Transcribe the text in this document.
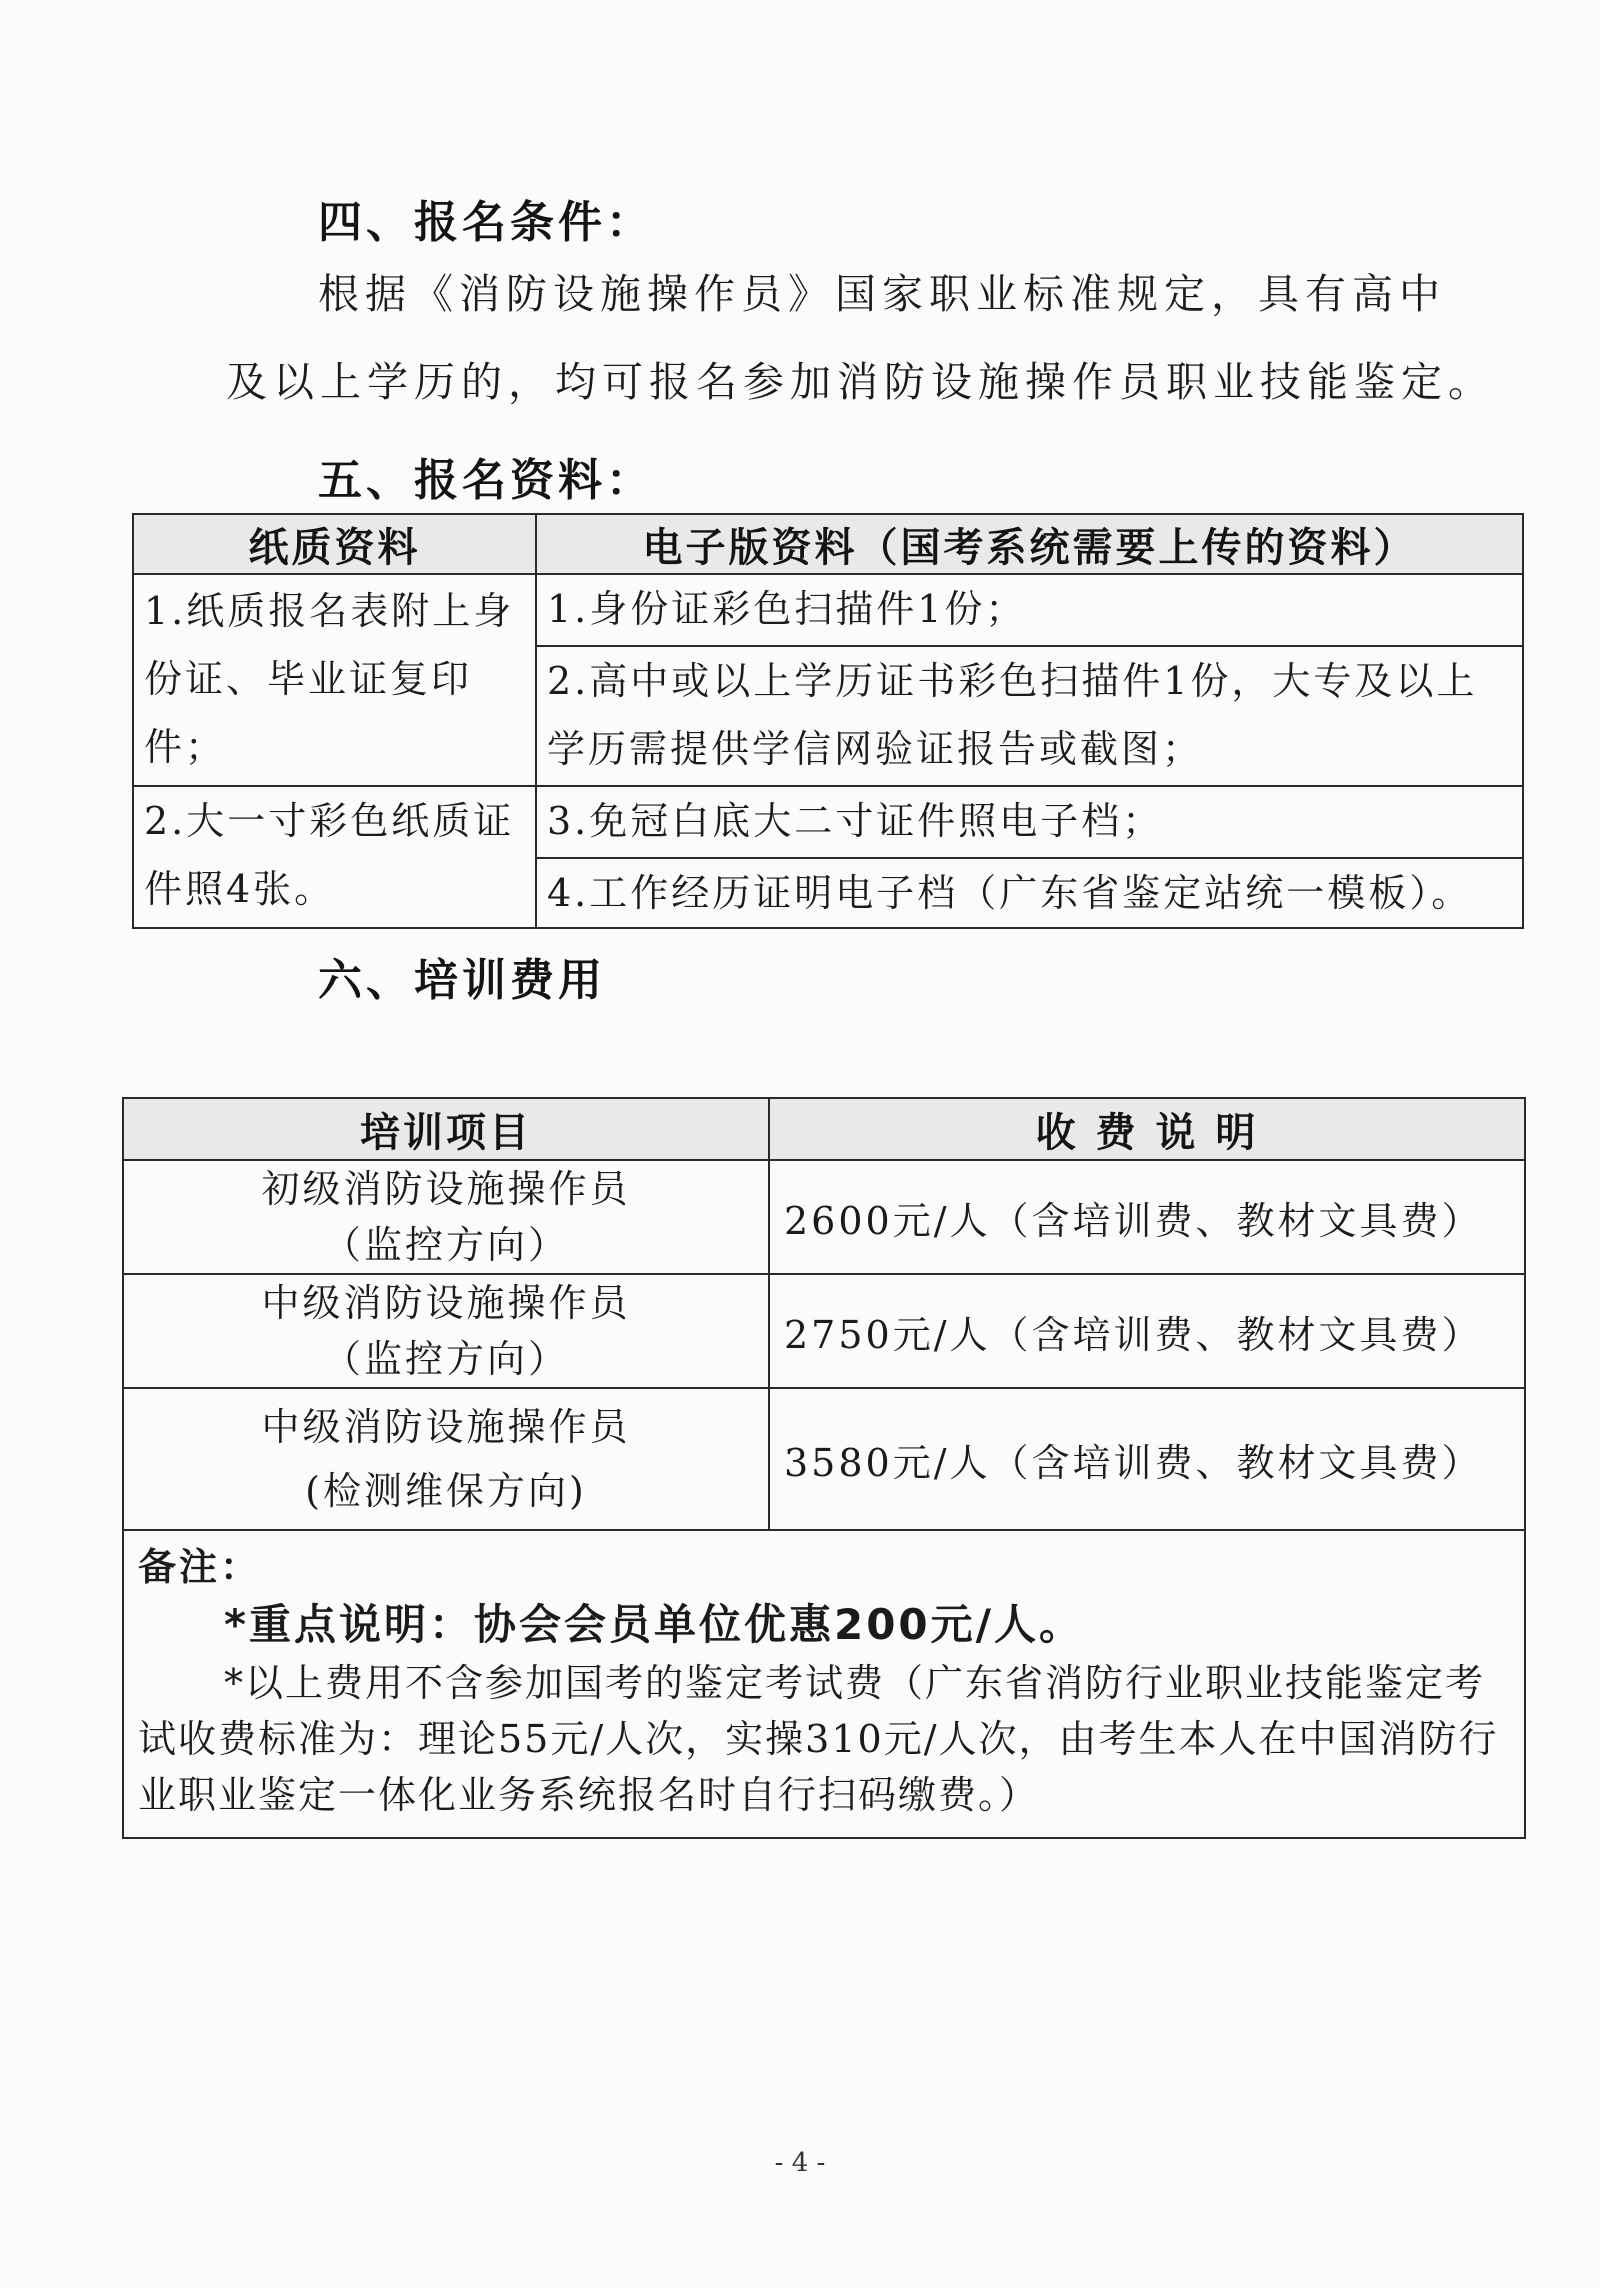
四、报名条件：
根据《消防设施操作员》国家职业标准规定，具有高中
及以上学历的，均可报名参加消防设施操作员职业技能鉴定。
五、报名资料：
纸质资料	电子版资料（国考系统需要上传的资料）
1.纸质报名表附上身份证、毕业证复印件；	1.身份证彩色扫描件1份；
	2.高中或以上学历证书彩色扫描件1份，大专及以上学历需提供学信网验证报告或截图；
2.大一寸彩色纸质证件照4张。	3.免冠白底大二寸证件照电子档；
	4.工作经历证明电子档（广东省鉴定站统一模板）。
六、培训费用
培训项目	收 费 说 明

初级消防设施操作员
（监控方向）	2600元/人（含培训费、教材文具费）

中级消防设施操作员
（监控方向）	2750元/人（含培训费、教材文具费）

中级消防设施操作员
(检测维保方向)	3580元/人（含培训费、教材文具费）

备注：
*重点说明：协会会员单位优惠200元/人。
*以上费用不含参加国考的鉴定考试费（广东省消防行业职业技能鉴定考试收费标准为：理论55元/人次，实操310元/人次，由考生本人在中国消防行业职业鉴定一体化业务系统报名时自行扫码缴费。）	
- 4 -
